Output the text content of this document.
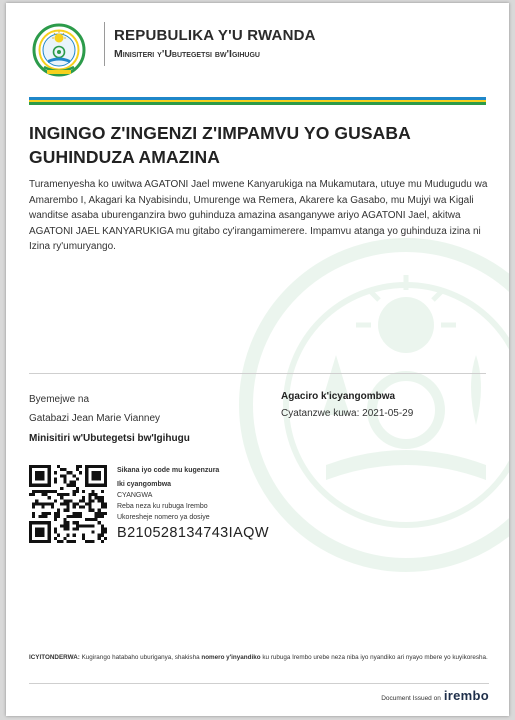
REPUBULIKA Y'U RWANDA
Minisiteri y'Ubutegetsi bw'Igihugu
INGINGO Z'INGENZI Z'IMPAMVU YO GUSABA GUHINDUZA AMAZINA
Turamenyesha ko uwitwa AGATONI Jael mwene Kanyarukiga na Mukamutara, utuye mu Mudugudu wa Amarembo I, Akagari ka Nyabisindu, Umurenge wa Remera, Akarere ka Gasabo, mu Mujyi wa Kigali wanditse asaba uburenganzira bwo guhinduza amazina asanganywe ariyo AGATONI Jael, akitwa AGATONI JAEL KANYARUKIGA mu gitabo cy'irangamimerere. Impamvu atanga yo guhinduza izina ni Izina ry'umuryango.
Byemejwe na
Gatabazi Jean Marie Vianney
Minisitiri w'Ubutegetsi bw'Igihugu
Agaciro k'icyangombwa
Cyatanzwe kuwa: 2021-05-29
Sikana iyo code mu kugenzura
Iki cyangombwa
CYANGWA
Reba neza ku rubuga Irembo
Ukoresheje nomero ya dosiye
B210528134743IAQW
ICYITONDERWA: Kugirango hatabaho uburiganya, shakisha nomero y'inyandiko ku rubuga Irembo urebe neza niba iyo nyandiko ari nyayo mbere yo kuyikoresha.
Document Issued on irembo
